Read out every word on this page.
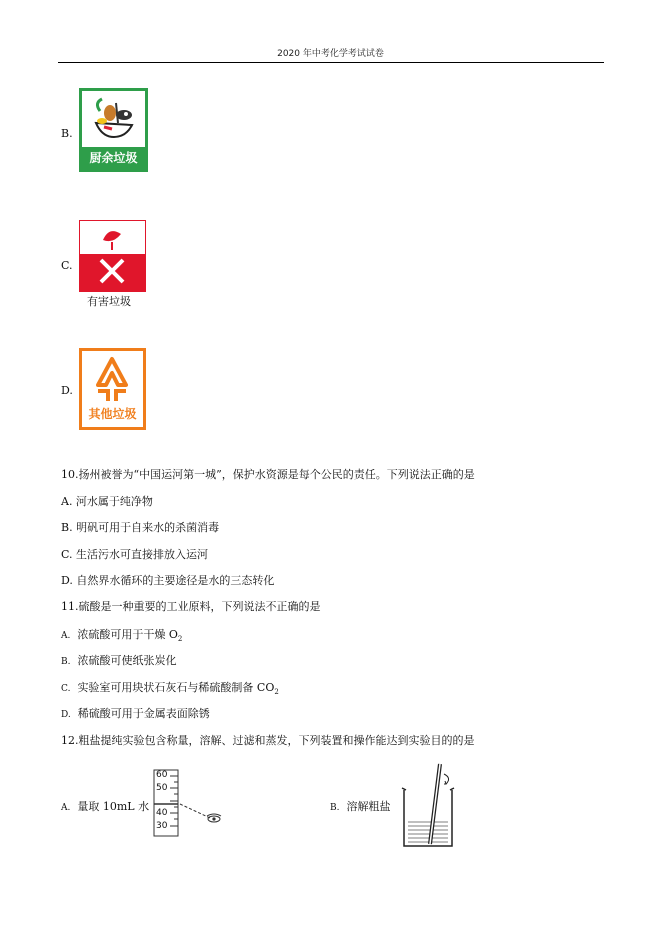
2020 年中考化学考试试卷
B.
厨余垃圾
C.
有害垃圾
D.
其他垃圾
10.扬州被誉为“中国运河第一城”，保护水资源是每个公民的责任。下列说法正确的是
A. 河水属于纯净物
B. 明矾可用于自来水的杀菌消毒
C. 生活污水可直接排放入运河
D. 自然界水循环的主要途径是水的三态转化
11.硫酸是一种重要的工业原料，下列说法不正确的是
A. 浓硫酸可用于干燥 $O_2$
B. 浓硫酸可使纸张炭化
C. 实验室可用块状石灰石与稀硫酸制备 $CO_2$
D. 稀硫酸可用于金属表面除锈
12.粗盐提纯实验包含称量，溶解、过滤和蒸发，下列装置和操作能达到实验目的的是
A. 量取 10mL 水
60
50
40
30
B. 溶解粗盐
